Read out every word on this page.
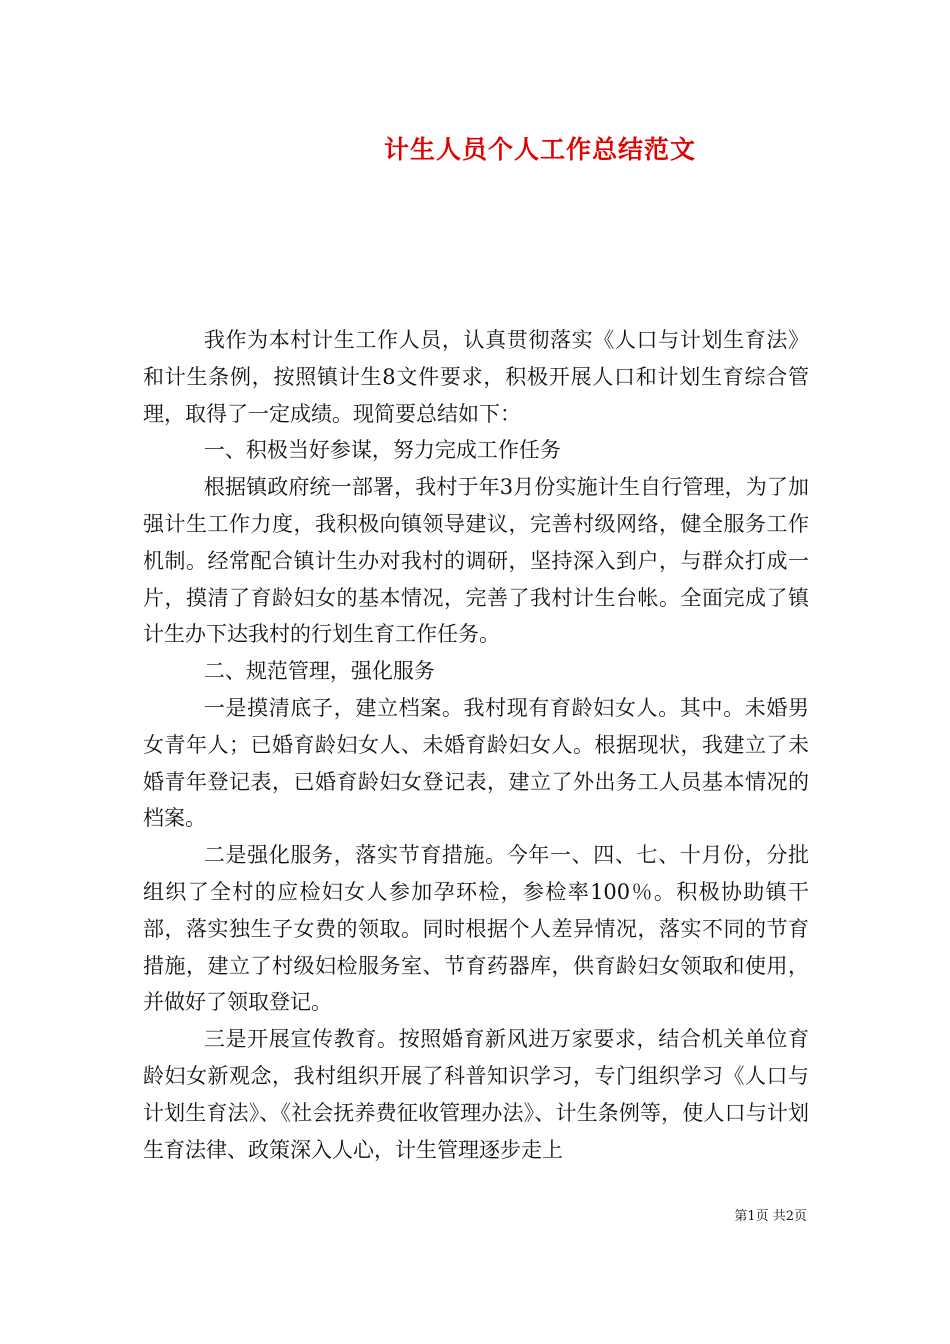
计生人员个人工作总结范文

我作为本村计生工作人员，认真贯彻落实《人口与计划生育法》和计生条例，按照镇计生8文件要求，积极开展人口和计划生育综合管理，取得了一定成绩。现简要总结如下：

一、积极当好参谋，努力完成工作任务

根据镇政府统一部署，我村于年3月份实施计生自行管理，为了加强计生工作力度，我积极向镇领导建议，完善村级网络，健全服务工作机制。经常配合镇计生办对我村的调研，坚持深入到户，与群众打成一片，摸清了育龄妇女的基本情况，完善了我村计生台帐。全面完成了镇计生办下达我村的行划生育工作任务。

二、规范管理，强化服务

一是摸清底子，建立档案。我村现有育龄妇女人。其中。未婚男女青年人；已婚育龄妇女人、未婚育龄妇女人。根据现状，我建立了未婚青年登记表，已婚育龄妇女登记表，建立了外出务工人员基本情况的档案。

二是强化服务，落实节育措施。今年一、四、七、十月份，分批组织了全村的应检妇女人参加孕环检，参检率100％。积极协助镇干部，落实独生子女费的领取。同时根据个人差异情况，落实不同的节育措施，建立了村级妇检服务室、节育药器库，供育龄妇女领取和使用，并做好了领取登记。

三是开展宣传教育。按照婚育新风进万家要求，结合机关单位育龄妇女新观念，我村组织开展了科普知识学习，专门组织学习《人口与计划生育法》、《社会抚养费征收管理办法》、计生条例等，使人口与计划生育法律、政策深入人心，计生管理逐步走上

第1页 共2页
